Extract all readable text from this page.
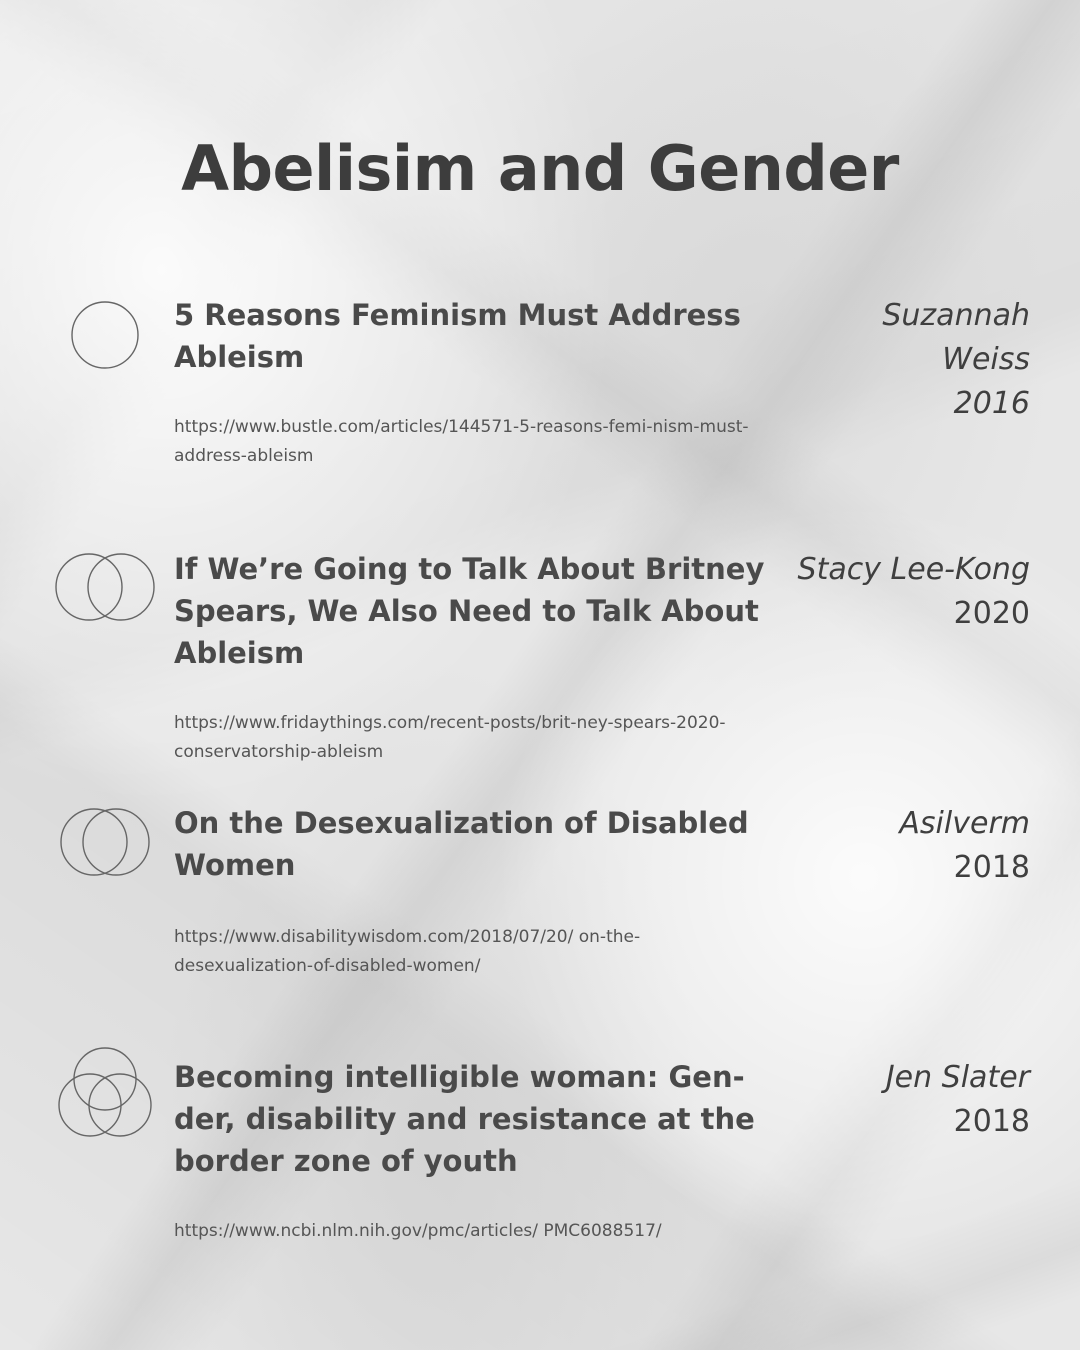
Abelisim and Gender
5 Reasons Feminism Must Address Ableism
https://www.bustle.com/articles/144571-5-reasons-femi-nism-must-address-ableism
Suzannah Weiss
2016
If We’re Going to Talk About Britney Spears, We Also Need to Talk About Ableism
https://www.fridaythings.com/recent-posts/brit-ney-spears-2020-conservatorship-ableism
Stacy Lee-Kong
2020
On the Desexualization of Disabled Women
https://www.disabilitywisdom.com/2018/07/20/ on-the-desexualization-of-disabled-women/
Asilverm
2018
Becoming intelligible woman: Gen-der, disability and resistance at the border zone of youth
https://www.ncbi.nlm.nih.gov/pmc/articles/ PMC6088517/
Jen Slater
2018
